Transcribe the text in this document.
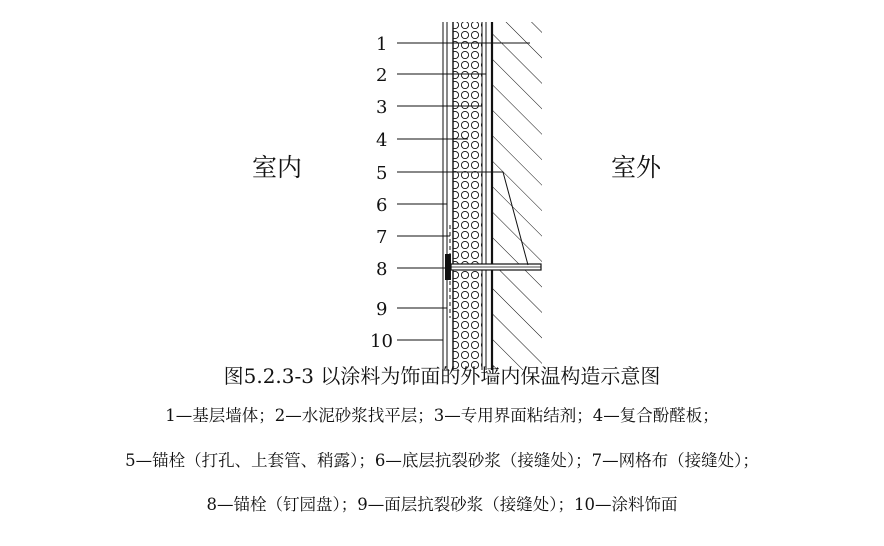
室内	室外
1
2
3
4
5
6
7
8
9
10
图5.2.3-3 以涂料为饰面的外墙内保温构造示意图
1—基层墙体；2—水泥砂浆找平层；3—专用界面粘结剂；4—复合酚醛板；
5—锚栓（打孔、上套管、稍露）；6—底层抗裂砂浆（接缝处）；7—网格布（接缝处）；
8—锚栓（钉园盘）；9—面层抗裂砂浆（接缝处）；10—涂料饰面
